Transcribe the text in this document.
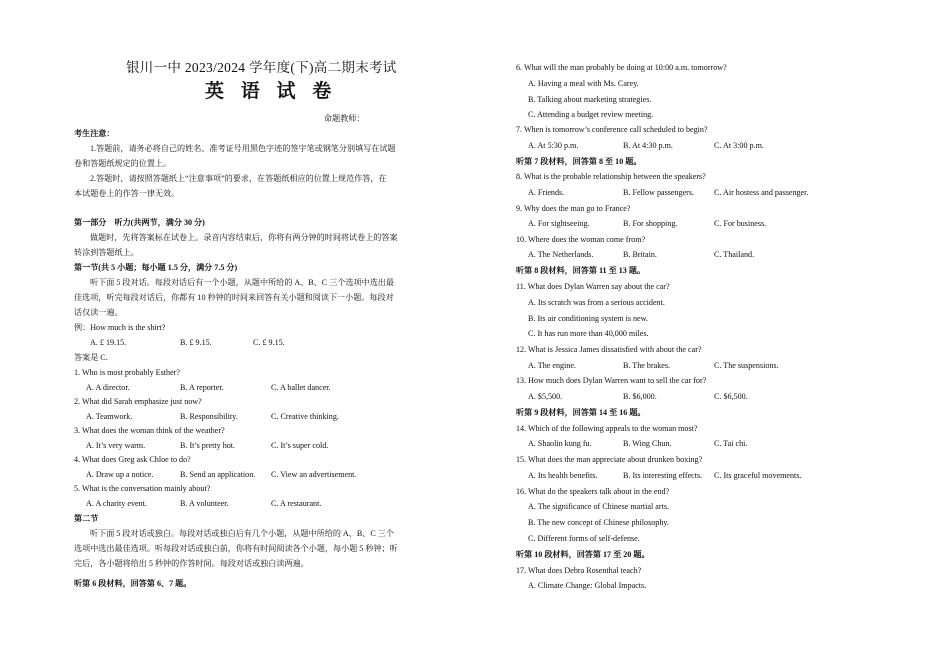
银川一中 2023/2024 学年度(下)高二期末考试
英 语 试 卷
命题教师：
考生注意：
1.答题前，请务必将自己的姓名、准考证号用黑色字迹的签字笔或钢笔分别填写在试题
卷和答题纸规定的位置上。
2.答题时，请按照答题纸上“注意事项”的要求，在答题纸相应的位置上规范作答，在
本试题卷上的作答一律无效。
第一部分　听力(共两节，满分 30 分)
做题时，先将答案标在试卷上。录音内容结束后，你将有两分钟的时间将试卷上的答案
转涂到答题纸上。
第一节(共 5 小题；每小题 1.5 分，满分 7.5 分)
听下面 5 段对话。每段对话后有一个小题，从题中所给的 A、B、C 三个选项中选出最
佳选项，听完每段对话后，你都有 10 秒钟的时间来回答有关小题和阅读下一小题。每段对
话仅读一遍。
例：How much is the shirt?
A. £ 19.15.	B. £ 9.15.	C. £ 9.15.
答案是 C.
1. Who is most probably Esther?
A. A director.	B. A reporter.	C. A ballet dancer.
2. What did Sarah emphasize just now?
A. Teamwork.	B. Responsibility.	C. Creative thinking.
3. What does the woman think of the weather?
A. It’s very warm.	B. It’s pretty hot.	C. It’s super cold.
4. What does Greg ask Chloe to do?
A. Draw up a notice.	B. Send an application. C. View an advertisement.
5. What is the conversation mainly about?
A. A charity event.	B. A volunteer.	C. A restaurant.
第二节
听下面 5 段对话或独白。每段对话或独白后有几个小题，从题中所给的 A、B、C 三个
选项中选出最佳选项。听每段对话或独白前，你将有时间阅读各个小题，每小题 5 秒钟；听
完后，各小题将给出 5 秒钟的作答时间。每段对话或独白读两遍。
听第 6 段材料，回答第 6、7 题。
6. What will the man probably be doing at 10:00 a.m. tomorrow?
A. Having a meal with Ms. Carey.
B. Talking about marketing strategies.
C. Attending a budget review meeting.
7. When is tomorrow’s conference call scheduled to begin?
A. At 5:30 p.m.	B. At 4:30 p.m.	C. At 3:00 p.m.
听第 7 段材料，回答第 8 至 10 题。
8. What is the probable relationship between the speakers?
A. Friends.	B. Fellow passengers. C. Air hostess and passenger.
9. Why does the man go to France?
A. For sightseeing.	B. For shopping.	C. For business.
10. Where does the woman come from?
A. The Netherlands.	B. Britain.	C. Thailand.
听第 8 段材料，回答第 11 至 13 题。
11. What does Dylan Warren say about the car?
A. Its scratch was from a serious accident.
B. Its air conditioning system is new.
C. It has run more than 40,000 miles.
12. What is Jessica James dissatisfied with about the car?
A. The engine.	B. The brakes.	C. The suspensions.
13. How much does Dylan Warren want to sell the car for?
A. $5,500.	B. $6,000.	C. $6,500.
听第 9 段材料，回答第 14 至 16 题。
14. Which of the following appeals to the woman most?
A. Shaolin kung fu.	B. Wing Chun.	C. Tai chi.
15. What does the man appreciate about drunken boxing?
A. Its health benefits.	B. Its interesting effects. C. Its graceful movements.
16. What do the speakers talk about in the end?
A. The significance of Chinese martial arts.
B. The new concept of Chinese philosophy.
C. Different forms of self-defense.
听第 10 段材料，回答第 17 至 20 题。
17. What does Debra Rosenthal teach?
A. Climate Change: Global Impacts.
